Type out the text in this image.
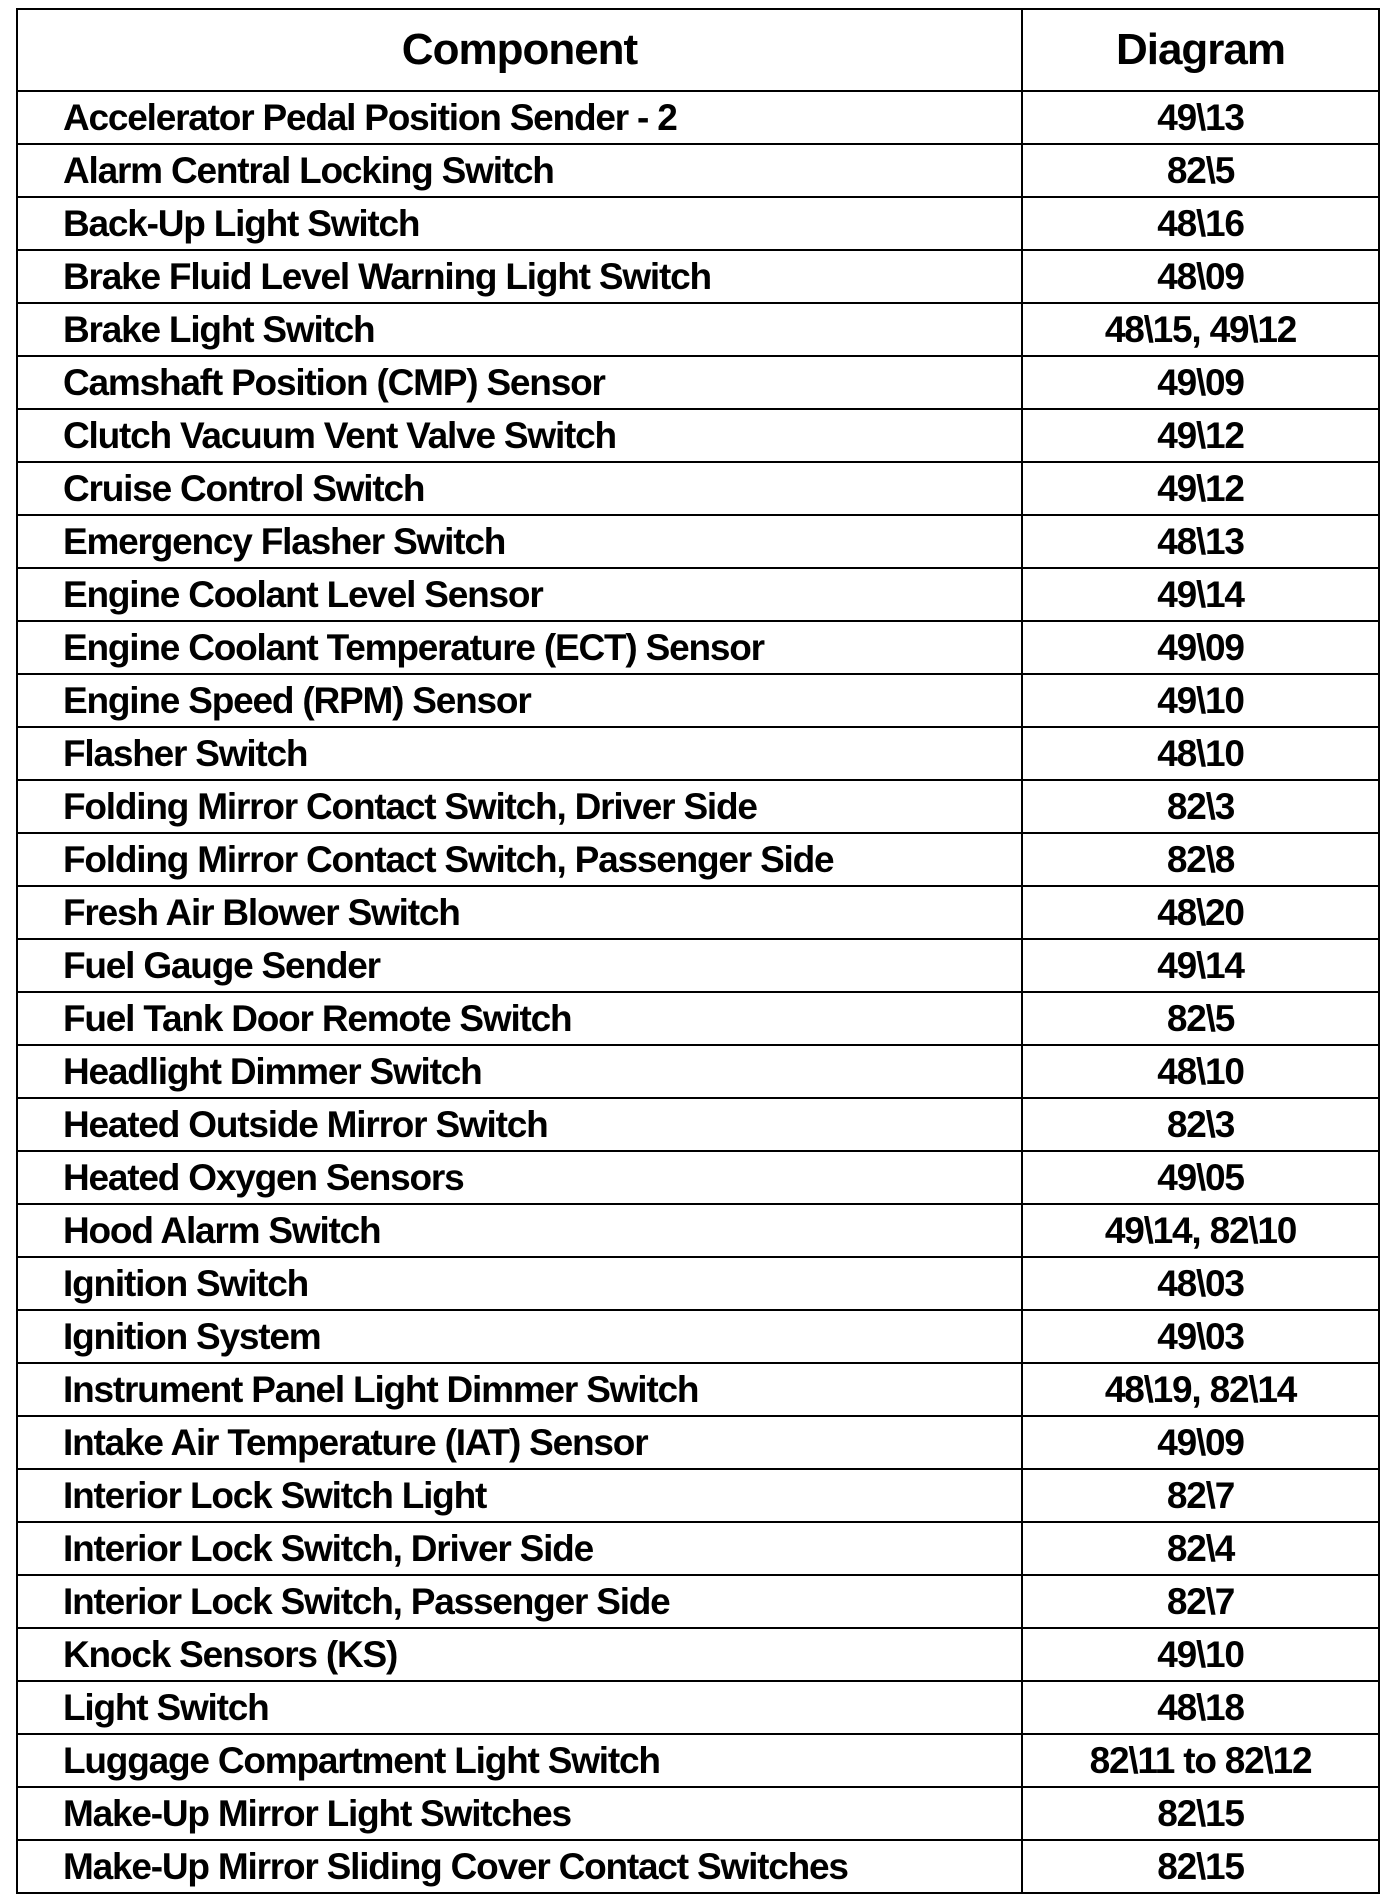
Component	Diagram
Accelerator Pedal Position Sender - 2	49\13
Alarm Central Locking Switch	82\5
Back-Up Light Switch	48\16
Brake Fluid Level Warning Light Switch	48\09
Brake Light Switch	48\15, 49\12
Camshaft Position (CMP) Sensor	49\09
Clutch Vacuum Vent Valve Switch	49\12
Cruise Control Switch	49\12
Emergency Flasher Switch	48\13
Engine Coolant Level Sensor	49\14
Engine Coolant Temperature (ECT) Sensor	49\09
Engine Speed (RPM) Sensor	49\10
Flasher Switch	48\10
Folding Mirror Contact Switch, Driver Side	82\3
Folding Mirror Contact Switch, Passenger Side	82\8
Fresh Air Blower Switch	48\20
Fuel Gauge Sender	49\14
Fuel Tank Door Remote Switch	82\5
Headlight Dimmer Switch	48\10
Heated Outside Mirror Switch	82\3
Heated Oxygen Sensors	49\05
Hood Alarm Switch	49\14, 82\10
Ignition Switch	48\03
Ignition System	49\03
Instrument Panel Light Dimmer Switch	48\19, 82\14
Intake Air Temperature (IAT) Sensor	49\09
Interior Lock Switch Light	82\7
Interior Lock Switch, Driver Side	82\4
Interior Lock Switch, Passenger Side	82\7
Knock Sensors (KS)	49\10
Light Switch	48\18
Luggage Compartment Light Switch	82\11 to 82\12
Make-Up Mirror Light Switches	82\15
Make-Up Mirror Sliding Cover Contact Switches	82\15
